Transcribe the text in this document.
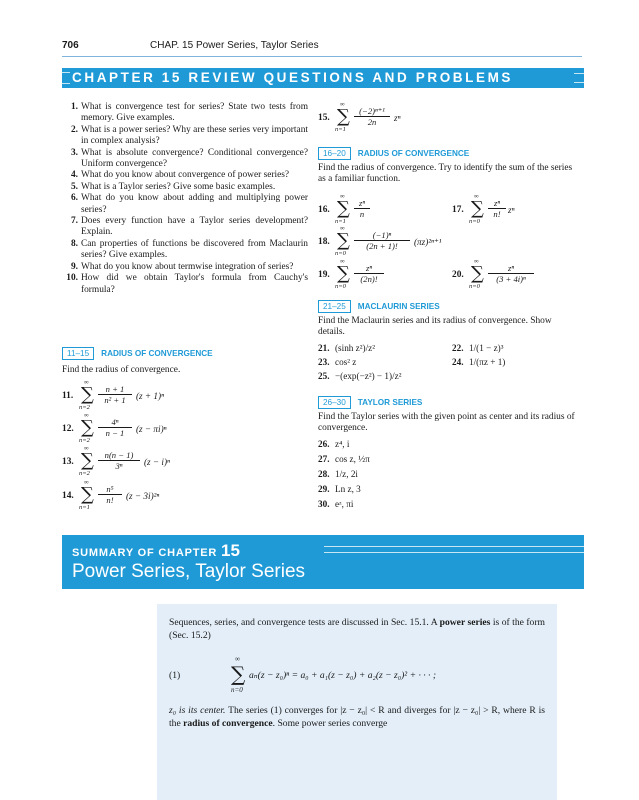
706	CHAP. 15 Power Series, Taylor Series
CHAPTER 15 REVIEW QUESTIONS AND PROBLEMS
1. What is convergence test for series? State two tests from memory. Give examples.
2. What is a power series? Why are these series very important in complex analysis?
3. What is absolute convergence? Conditional convergence? Uniform convergence?
4. What do you know about convergence of power series?
5. What is a Taylor series? Give some basic examples.
6. What do you know about adding and multiplying power series?
7. Does every function have a Taylor series development? Explain.
8. Can properties of functions be discovered from Maclaurin series? Give examples.
9. What do you know about termwise integration of series?
10. How did we obtain Taylor's formula from Cauchy's formula?
11–15 RADIUS OF CONVERGENCE
Find the radius of convergence.
11.
∞
∑
n=2
$\frac{n + 1}{\text{n² + 1}} (z + 1)^n$
12.
∞
∑
n=2
$\frac{\text{4ⁿ}}{n - 1} (z - \pi i)^n$
13.
∞
∑
n=2
$\frac{n(n - 1)}{\text{3ⁿ}} (z - i)^n$
14.
∞
∑
n=1
$\frac{\text{n⁵}}{n!} (z - 3i)^{2n}$
15.
∞
∑
n=1
$\frac{\text{(−2)ⁿ⁺¹}}{2n}$ zⁿ
16–20 RADIUS OF CONVERGENCE
Find the radius of convergence. Try to identify the sum of the series as a familiar function.
16.
∞
∑
n=1
$\frac{\text{zⁿ}}{n}$	17.
∞
∑
n=0
$\frac{\text{zⁿ}}{n!}$ zⁿ
18.
∞
∑
n=0
$\frac{\text{(−1)ⁿ}}{(2n + 1)!} (\pi z)^{2n+1}$
19.
∞
∑
n=0
$\frac{\text{zⁿ}}{(2n)!}$	20.
∞
∑
n=0
$\frac{\text{zⁿ}}{\text{(3 + 4i)ⁿ}}$
21–25 MACLAURIN SERIES
Find the Maclaurin series and its radius of convergence. Show details.
21. (sinh z²)/z²	22. 1/(1 − z)³
23. cos² z	24. 1/(πz + 1)
25. −(exp(−z²) − 1)/z²
26–30 TAYLOR SERIES
Find the Taylor series with the given point as center and its radius of convergence.
26. z⁴, i
27. cos z, ½π
28. 1/z, 2i
29. Ln z, 3
30. eᶻ, πi
SUMMARY OF CHAPTER 15
Power Series, Taylor Series
Sequences, series, and convergence tests are discussed in Sec. 15.1. A power series is of the form (Sec. 15.2)
(1)
∞
∑
n=0
aₙ(z − z₀)ⁿ = a₀ + a₁(z − z₀) + a₂(z − z₀)² + · · · ;
z₀ is its center. The series (1) converges for |z − z₀| < R and diverges for |z − z₀| > R, where R is the radius of convergence. Some power series converge
